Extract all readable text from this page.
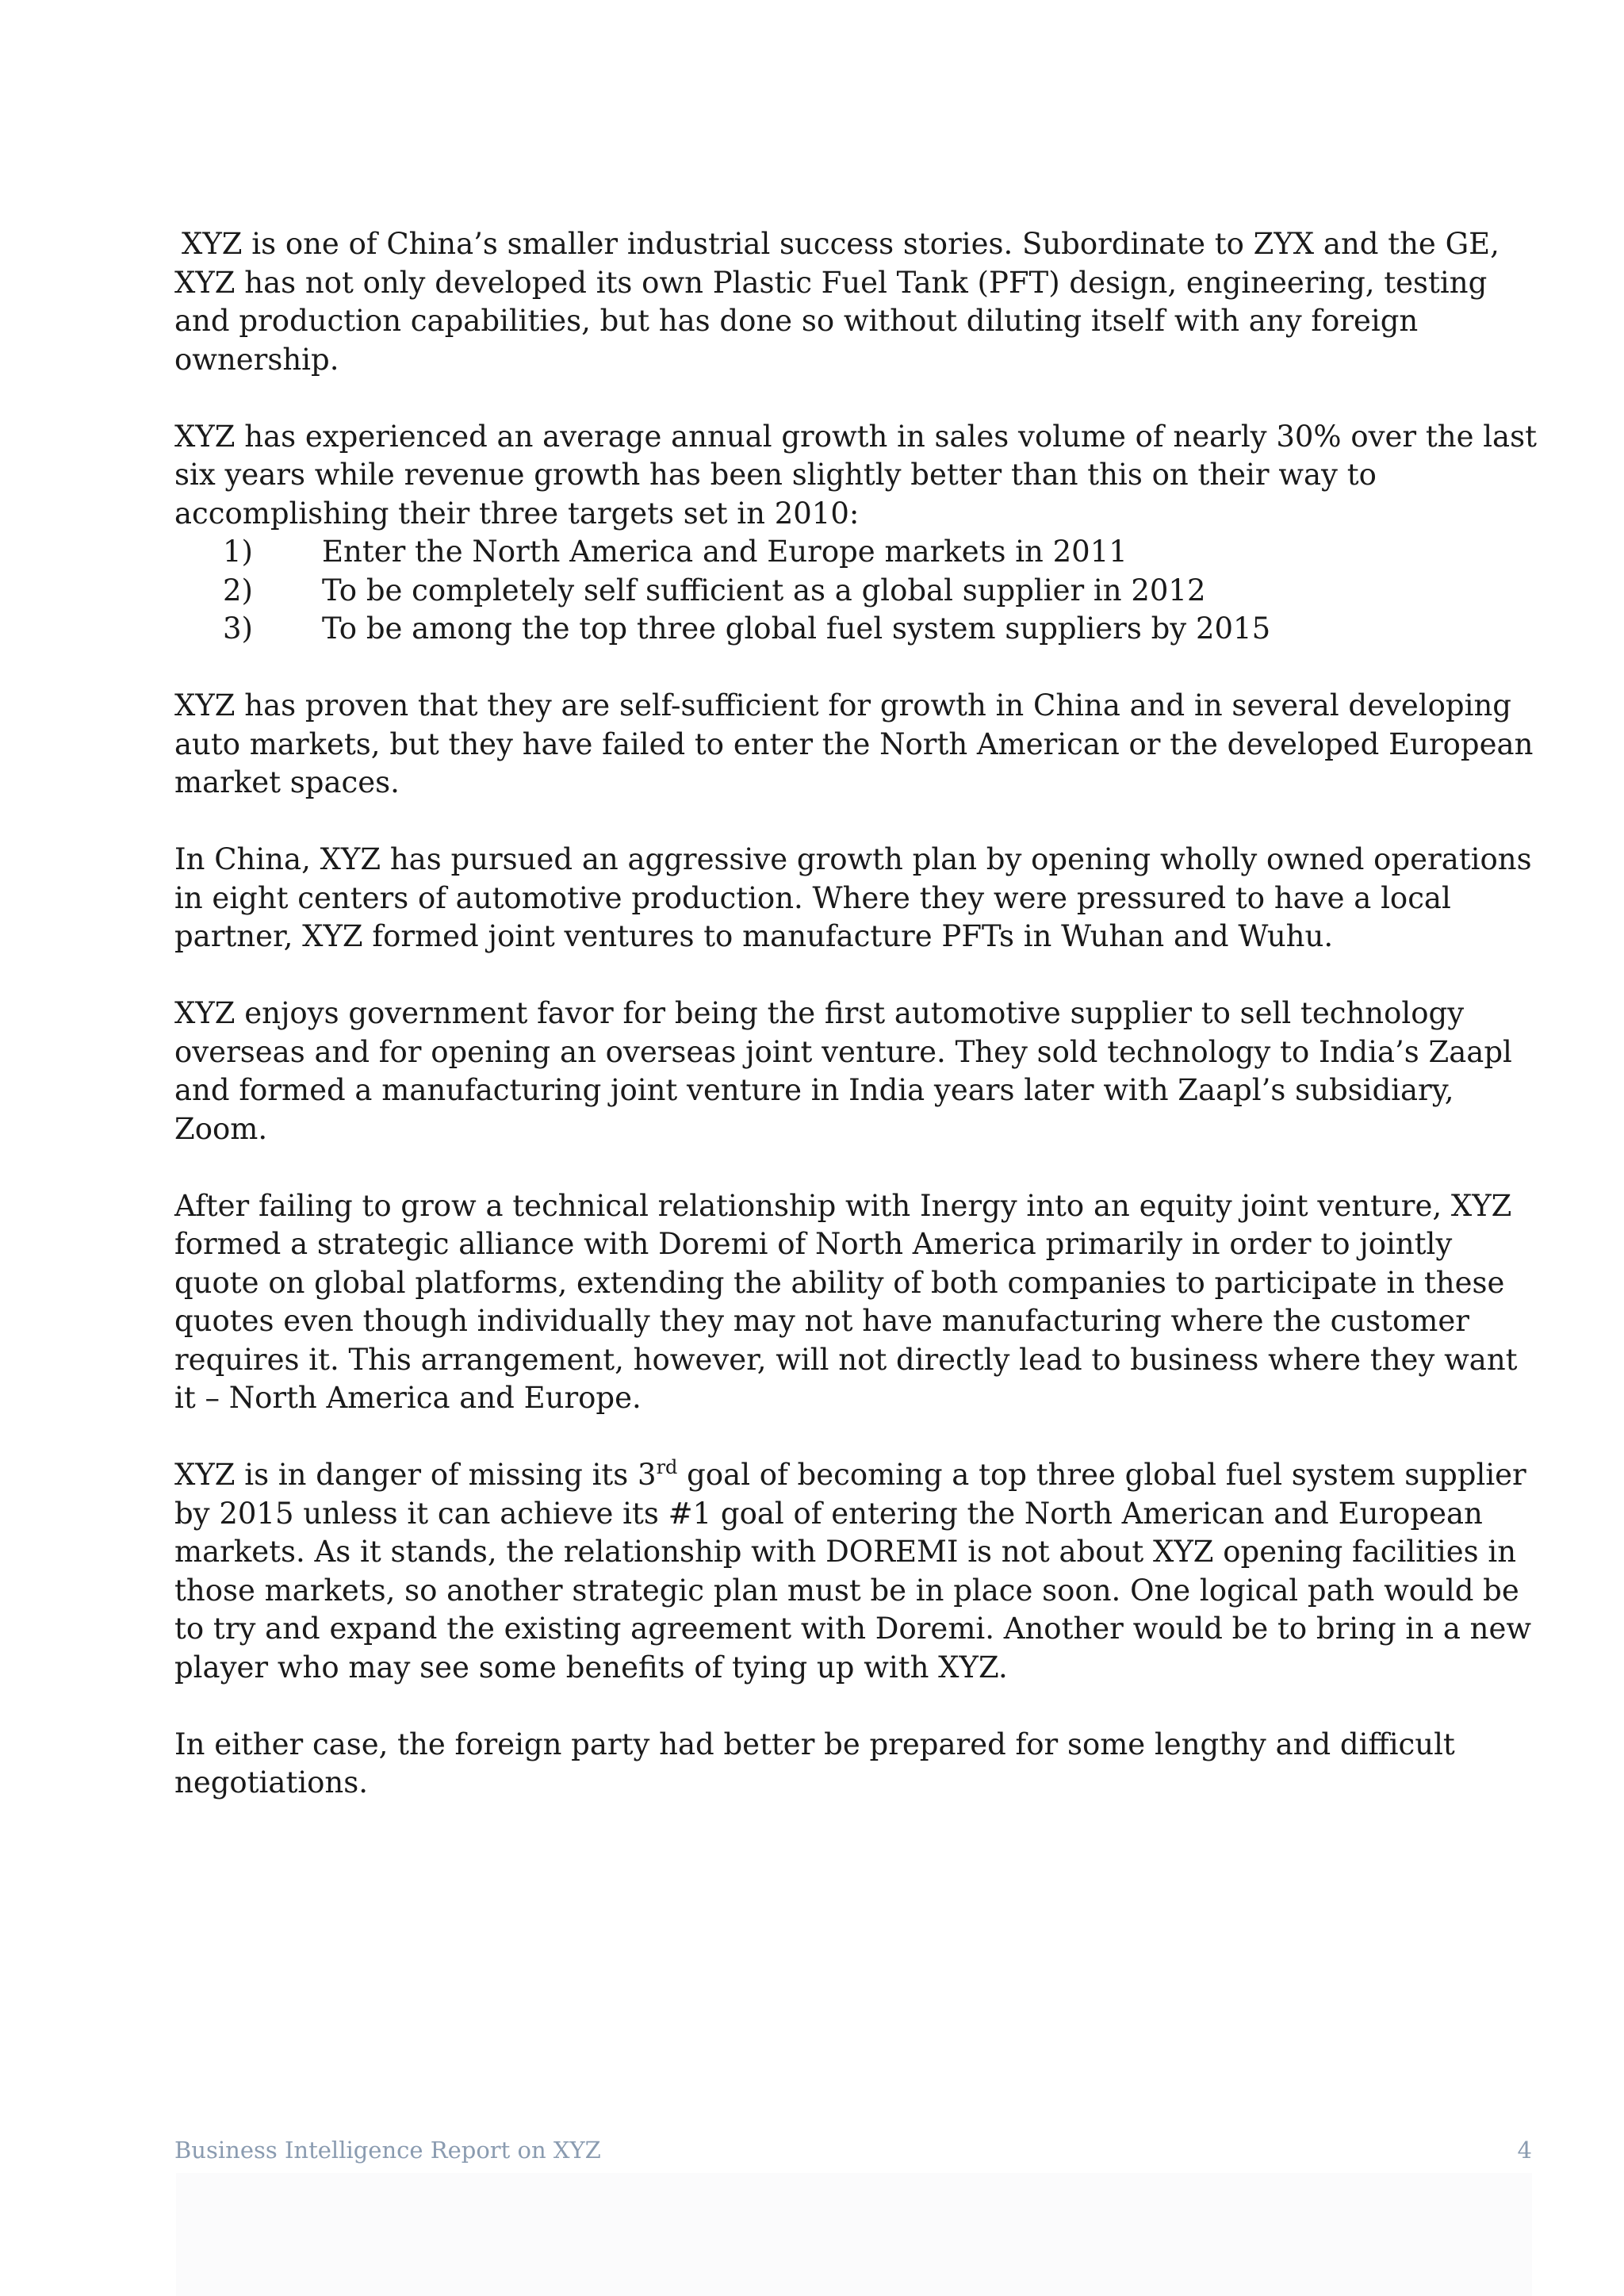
XYZ is one of China’s smaller industrial success stories. Subordinate to ZYX and the GE, XYZ has not only developed its own Plastic Fuel Tank (PFT) design, engineering, testing and production capabilities, but has done so without diluting itself with any foreign ownership.

XYZ has experienced an average annual growth in sales volume of nearly 30% over the last six years while revenue growth has been slightly better than this on their way to accomplishing their three targets set in 2010:

1)	Enter the North America and Europe markets in 2011
2)	To be completely self sufficient as a global supplier in 2012
3)	To be among the top three global fuel system suppliers by 2015

XYZ has proven that they are self-sufficient for growth in China and in several developing auto markets, but they have failed to enter the North American or the developed European market spaces.

In China, XYZ has pursued an aggressive growth plan by opening wholly owned operations in eight centers of automotive production. Where they were pressured to have a local partner, XYZ formed joint ventures to manufacture PFTs in Wuhan and Wuhu.

XYZ enjoys government favor for being the first automotive supplier to sell technology overseas and for opening an overseas joint venture. They sold technology to India’s Zaapl and formed a manufacturing joint venture in India years later with Zaapl’s subsidiary, Zoom.

After failing to grow a technical relationship with Inergy into an equity joint venture, XYZ formed a strategic alliance with Doremi of North America primarily in order to jointly quote on global platforms, extending the ability of both companies to participate in these quotes even though individually they may not have manufacturing where the customer requires it. This arrangement, however, will not directly lead to business where they want it – North America and Europe.

XYZ is in danger of missing its 3rd goal of becoming a top three global fuel system supplier by 2015 unless it can achieve its #1 goal of entering the North American and European markets. As it stands, the relationship with DOREMI is not about XYZ opening facilities in those markets, so another strategic plan must be in place soon. One logical path would be to try and expand the existing agreement with Doremi. Another would be to bring in a new player who may see some benefits of tying up with XYZ.

In either case, the foreign party had better be prepared for some lengthy and difficult negotiations.

Business Intelligence Report on XYZ	4
